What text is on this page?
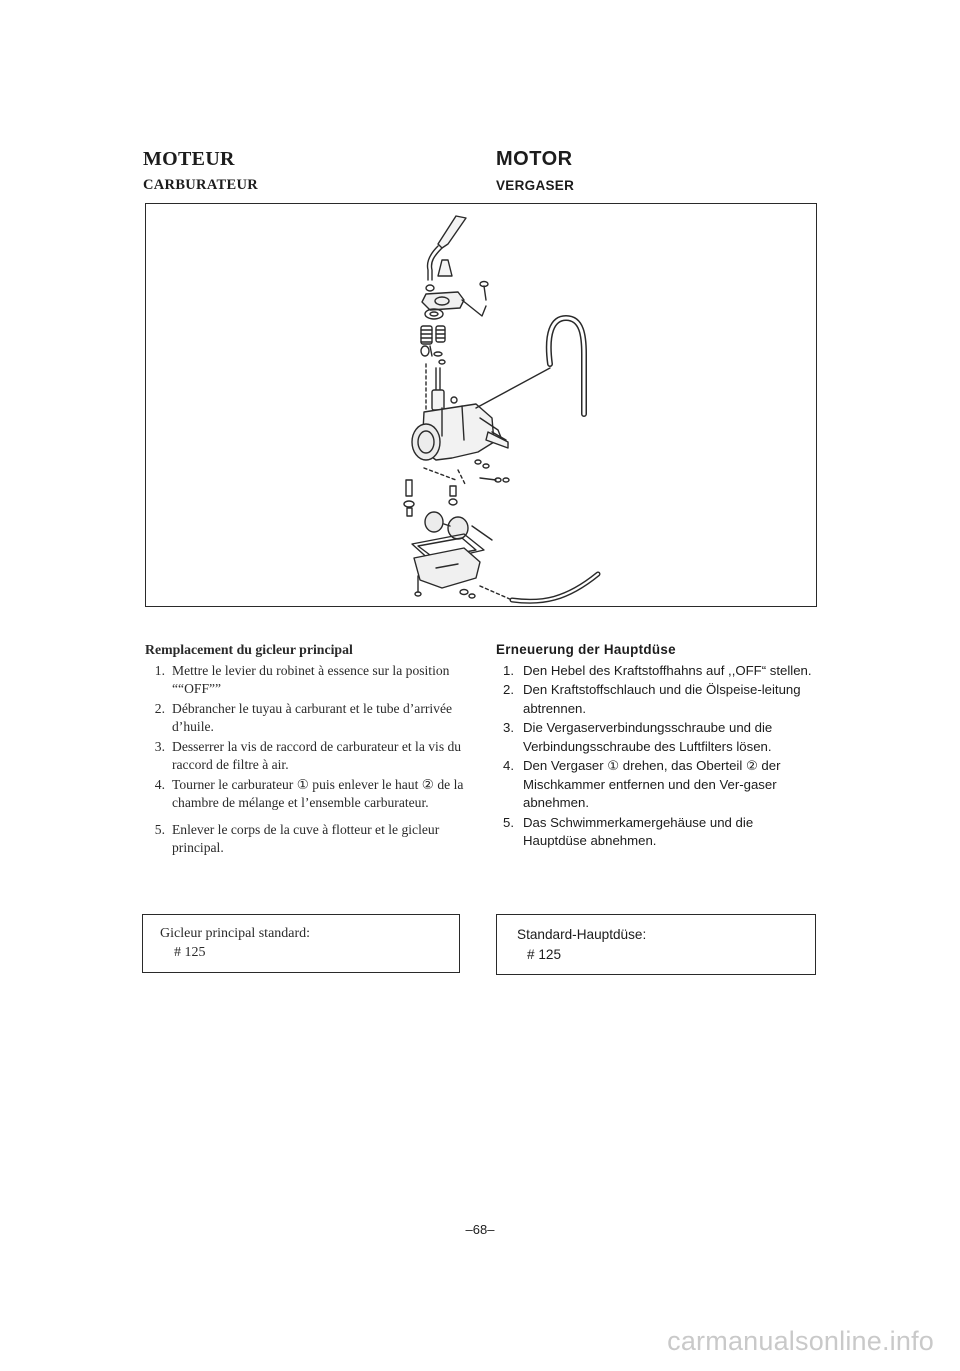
MOTEUR
CARBURATEUR
MOTOR
VERGASER
Remplacement du gicleur principal
1. Mettre le levier du robinet à essence sur la position ““OFF””
2. Débrancher le tuyau à carburant et le tube d’arrivée d’huile.
3. Desserrer la vis de raccord de carburateur et la vis du raccord de filtre à air.
4. Tourner le carburateur ① puis enlever le haut ② de la chambre de mélange et l’ensemble carburateur.
5. Enlever le corps de la cuve à flotteur et le gicleur principal.
Erneuerung der Hauptdüse
1. Den Hebel des Kraftstoffhahns auf ,,OFF“ stellen.
2. Den Kraftstoffschlauch und die Ölspeise-leitung abtrennen.
3. Die Vergaserverbindungsschraube und die Verbindungsschraube des Luftfilters lösen.
4. Den Vergaser ① drehen, das Oberteil ② der Mischkammer entfernen und den Ver-gaser abnehmen.
5. Das Schwimmerkamergehäuse und die Hauptdüse abnehmen.
Gicleur principal standard:
# 125
Standard-Hauptdüse:
# 125
–68–
carmanualsonline.info
